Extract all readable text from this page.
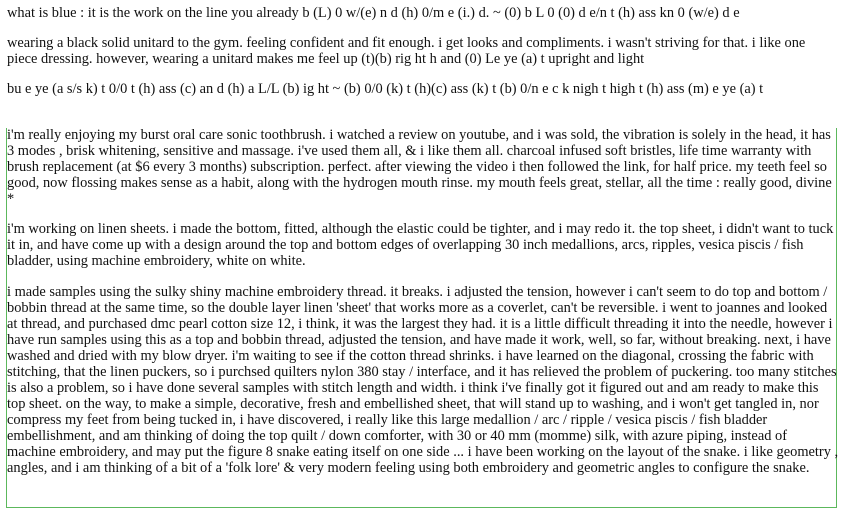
what is blue : it is the work on the line you already b (L) 0 w/(e) n d (h) 0/m e (i.) d. ~ (0) b L 0 (0) d e/n t (h) ass kn 0 (w/e) d e

wearing a black solid unitard to the gym. feeling confident and fit enough. i get looks and compliments. i wasn't striving for that. i like one piece dressing. however, wearing a unitard makes me feel up (t)(b) rig ht h and (0) Le ye (a) t upright and light

bu e ye (a s/s k) t 0/0 t (h) ass (c) an d (h) a L/L (b) ig ht ~ (b) 0/0 (k) t (h)(c) ass (k) t (b) 0/n e c k nigh t high t (h) ass (m) e ye (a) t

i'm really enjoying my burst oral care sonic toothbrush. i watched a review on youtube, and i was sold, the vibration is solely in the head, it has 3 modes , brisk whitening, sensitive and massage. i've used them all, & i like them all. charcoal infused soft bristles, life time warranty with brush replacement (at $6 every 3 months) subscription. perfect. after viewing the video i then followed the link, for half price. my teeth feel so good, now flossing makes sense as a habit, along with the hydrogen mouth rinse. my mouth feels great, stellar, all the time : really good, divine *

i'm working on linen sheets. i made the bottom, fitted, although the elastic could be tighter, and i may redo it. the top sheet, i didn't want to tuck it in, and have come up with a design around the top and bottom edges of overlapping 30 inch medallions, arcs, ripples, vesica piscis / fish bladder, using machine embroidery, white on white.

i made samples using the sulky shiny machine embroidery thread. it breaks. i adjusted the tension, however i can't seem to do top and bottom / bobbin thread at the same time, so the double layer linen 'sheet' that works more as a coverlet, can't be reversible. i went to joannes and looked at thread, and purchased dmc pearl cotton size 12, i think, it was the largest they had. it is a little difficult threading it into the needle, however i have run samples using this as a top and bobbin thread, adjusted the tension, and have made it work, well, so far, without breaking. next, i have washed and dried with my blow dryer. i'm waiting to see if the cotton thread shrinks. i have learned on the diagonal, crossing the fabric with stitching, that the linen puckers, so i purchsed quilters nylon 380 stay / interface, and it has relieved the problem of puckering. too many stitches is also a problem, so i have done several samples with stitch length and width. i think i've finally got it figured out and am ready to make this top sheet. on the way, to make a simple, decorative, fresh and embellished sheet, that will stand up to washing, and i won't get tangled in, nor compress my feet from being tucked in, i have discovered, i really like this large medallion / arc / ripple / vesica piscis / fish bladder embellishment, and am thinking of doing the top quilt / down comforter, with 30 or 40 mm (momme) silk, with azure piping, instead of machine embroidery, and may put the figure 8 snake eating itself on one side ... i have been working on the layout of the snake. i like geometry , angles, and i am thinking of a bit of a 'folk lore' & very modern feeling using both embroidery and geometric angles to configure the snake.
